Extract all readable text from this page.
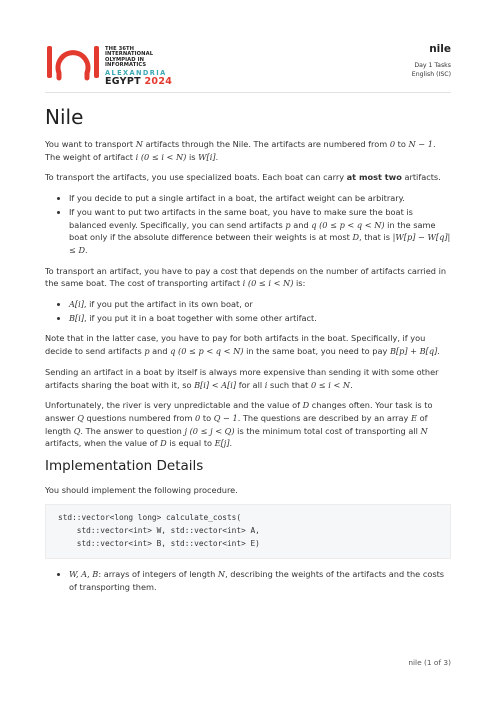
THE 36TH INTERNATIONAL
OLYMPIAD IN INFORMATICS
ALEXANDRIA
EGYPT 2024
nile
Day 1 Tasks
English (ISC)
Nile

You want to transport N artifacts through the Nile. The artifacts are numbered from 0 to N − 1.
The weight of artifact i (0 ≤ i < N) is W[i].

To transport the artifacts, you use specialized boats. Each boat can carry at most two artifacts.

• If you decide to put a single artifact in a boat, the artifact weight can be arbitrary.
• If you want to put two artifacts in the same boat, you have to make sure the boat is balanced evenly. Specifically, you can send artifacts p and q (0 ≤ p < q < N) in the same boat only if the absolute difference between their weights is at most D, that is |W[p] − W[q]| ≤ D.

To transport an artifact, you have to pay a cost that depends on the number of artifacts carried in the same boat. The cost of transporting artifact i (0 ≤ i < N) is:

• A[i], if you put the artifact in its own boat, or
• B[i], if you put it in a boat together with some other artifact.

Note that in the latter case, you have to pay for both artifacts in the boat. Specifically, if you decide to send artifacts p and q (0 ≤ p < q < N) in the same boat, you need to pay B[p] + B[q].

Sending an artifact in a boat by itself is always more expensive than sending it with some other artifacts sharing the boat with it, so B[i] < A[i] for all i such that 0 ≤ i < N.

Unfortunately, the river is very unpredictable and the value of D changes often. Your task is to answer Q questions numbered from 0 to Q − 1. The questions are described by an array E of length Q. The answer to question j (0 ≤ j < Q) is the minimum total cost of transporting all N artifacts, when the value of D is equal to E[j].

Implementation Details

You should implement the following procedure.

std::vector<long long> calculate_costs(
std::vector<int> W, std::vector<int> A,
std::vector<int> B, std::vector<int> E)
• W, A, B: arrays of integers of length N, describing the weights of the artifacts and the costs of transporting them.
nile (1 of 3)
